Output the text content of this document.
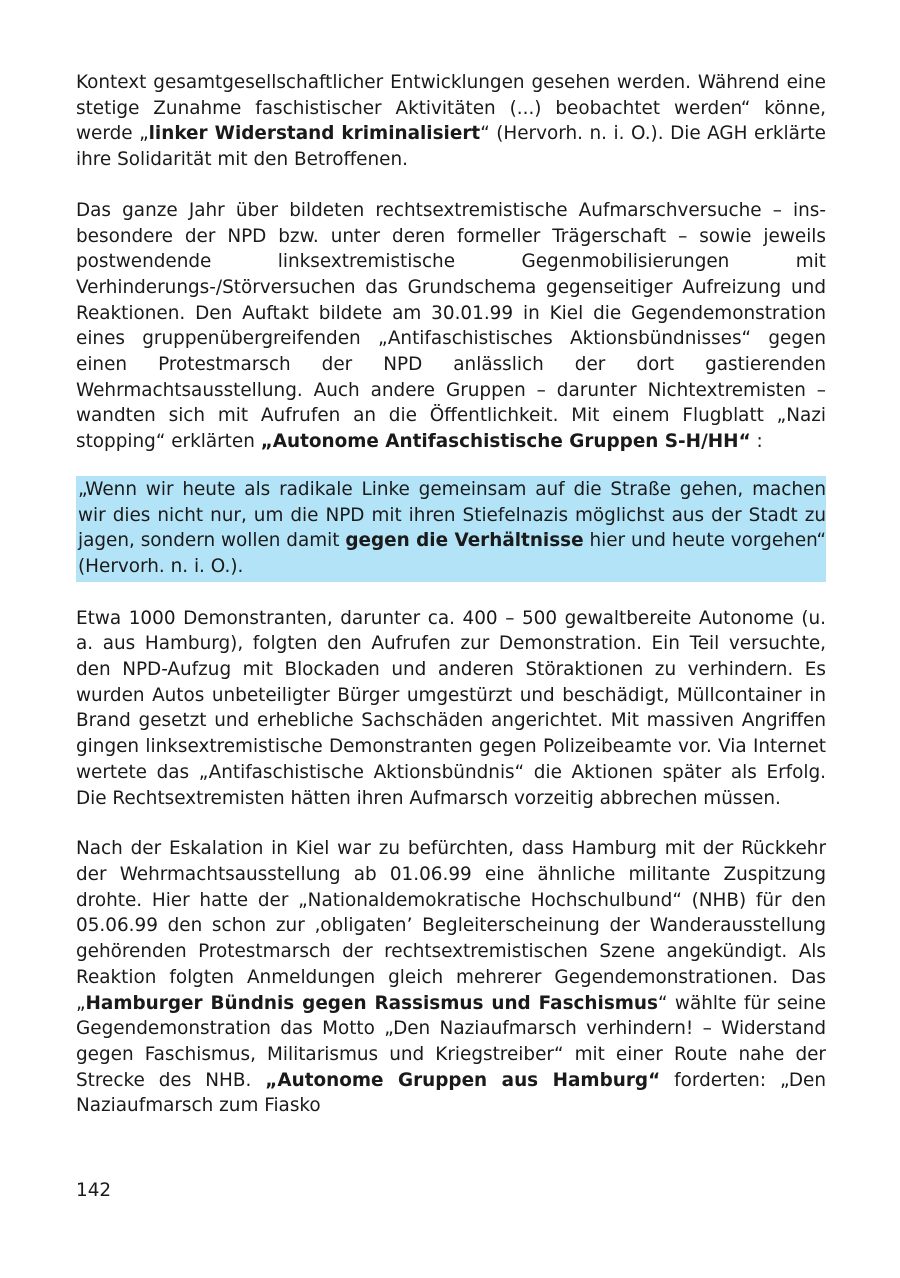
Kontext gesamtgesellschaftlicher Entwicklungen gesehen werden. Während eine stetige Zunahme faschistischer Aktivitäten (...) beobachtet werden“ könne, werde „linker Widerstand kriminalisiert“ (Hervorh. n. i. O.). Die AGH erklärte ihre Solidarität mit den Betroffenen.

Das ganze Jahr über bildeten rechtsextremistische Aufmarschversuche – insbesondere der NPD bzw. unter deren formeller Trägerschaft – sowie jeweils postwendende linksextremistische Gegenmobilisierungen mit Verhinderungs-/Störversuchen das Grundschema gegenseitiger Aufreizung und Reaktionen. Den Auftakt bildete am 30.01.99 in Kiel die Gegendemonstration eines gruppenübergreifenden „Antifaschistisches Aktionsbündnisses“ gegen einen Protestmarsch der NPD anlässlich der dort gastierenden Wehrmachtsausstellung. Auch andere Gruppen – darunter Nichtextremisten – wandten sich mit Aufrufen an die Öffentlichkeit. Mit einem Flugblatt „Nazi stopping“ erklärten „Autonome Antifaschistische Gruppen S-H/HH“ :

„Wenn wir heute als radikale Linke gemeinsam auf die Straße gehen, machen wir dies nicht nur, um die NPD mit ihren Stiefelnazis möglichst aus der Stadt zu jagen, sondern wollen damit gegen die Verhältnisse hier und heute vorgehen“ (Hervorh. n. i. O.).

Etwa 1000 Demonstranten, darunter ca. 400 – 500 gewaltbereite Autonome (u. a. aus Hamburg), folgten den Aufrufen zur Demonstration. Ein Teil versuchte, den NPD-Aufzug mit Blockaden und anderen Störaktionen zu verhindern. Es wurden Autos unbeteiligter Bürger umgestürzt und beschädigt, Müllcontainer in Brand gesetzt und erhebliche Sachschäden angerichtet. Mit massiven Angriffen gingen linksextremistische Demonstranten gegen Polizeibeamte vor. Via Internet wertete das „Antifaschistische Aktionsbündnis“ die Aktionen später als Erfolg. Die Rechtsextremisten hätten ihren Aufmarsch vorzeitig abbrechen müssen.

Nach der Eskalation in Kiel war zu befürchten, dass Hamburg mit der Rückkehr der Wehrmachtsausstellung ab 01.06.99 eine ähnliche militante Zuspitzung drohte. Hier hatte der „Nationaldemokratische Hochschulbund“ (NHB) für den 05.06.99 den schon zur ‚obligaten’ Begleiterscheinung der Wanderausstellung gehörenden Protestmarsch der rechtsextremistischen Szene angekündigt. Als Reaktion folgten Anmeldungen gleich mehrerer Gegendemonstrationen. Das „Hamburger Bündnis gegen Rassismus und Faschismus“ wählte für seine Gegendemonstration das Motto „Den Naziaufmarsch verhindern! – Widerstand gegen Faschismus, Militarismus und Kriegstreiber“ mit einer Route nahe der Strecke des NHB. „Autonome Gruppen aus Hamburg“ forderten: „Den Naziaufmarsch zum Fiasko

142
